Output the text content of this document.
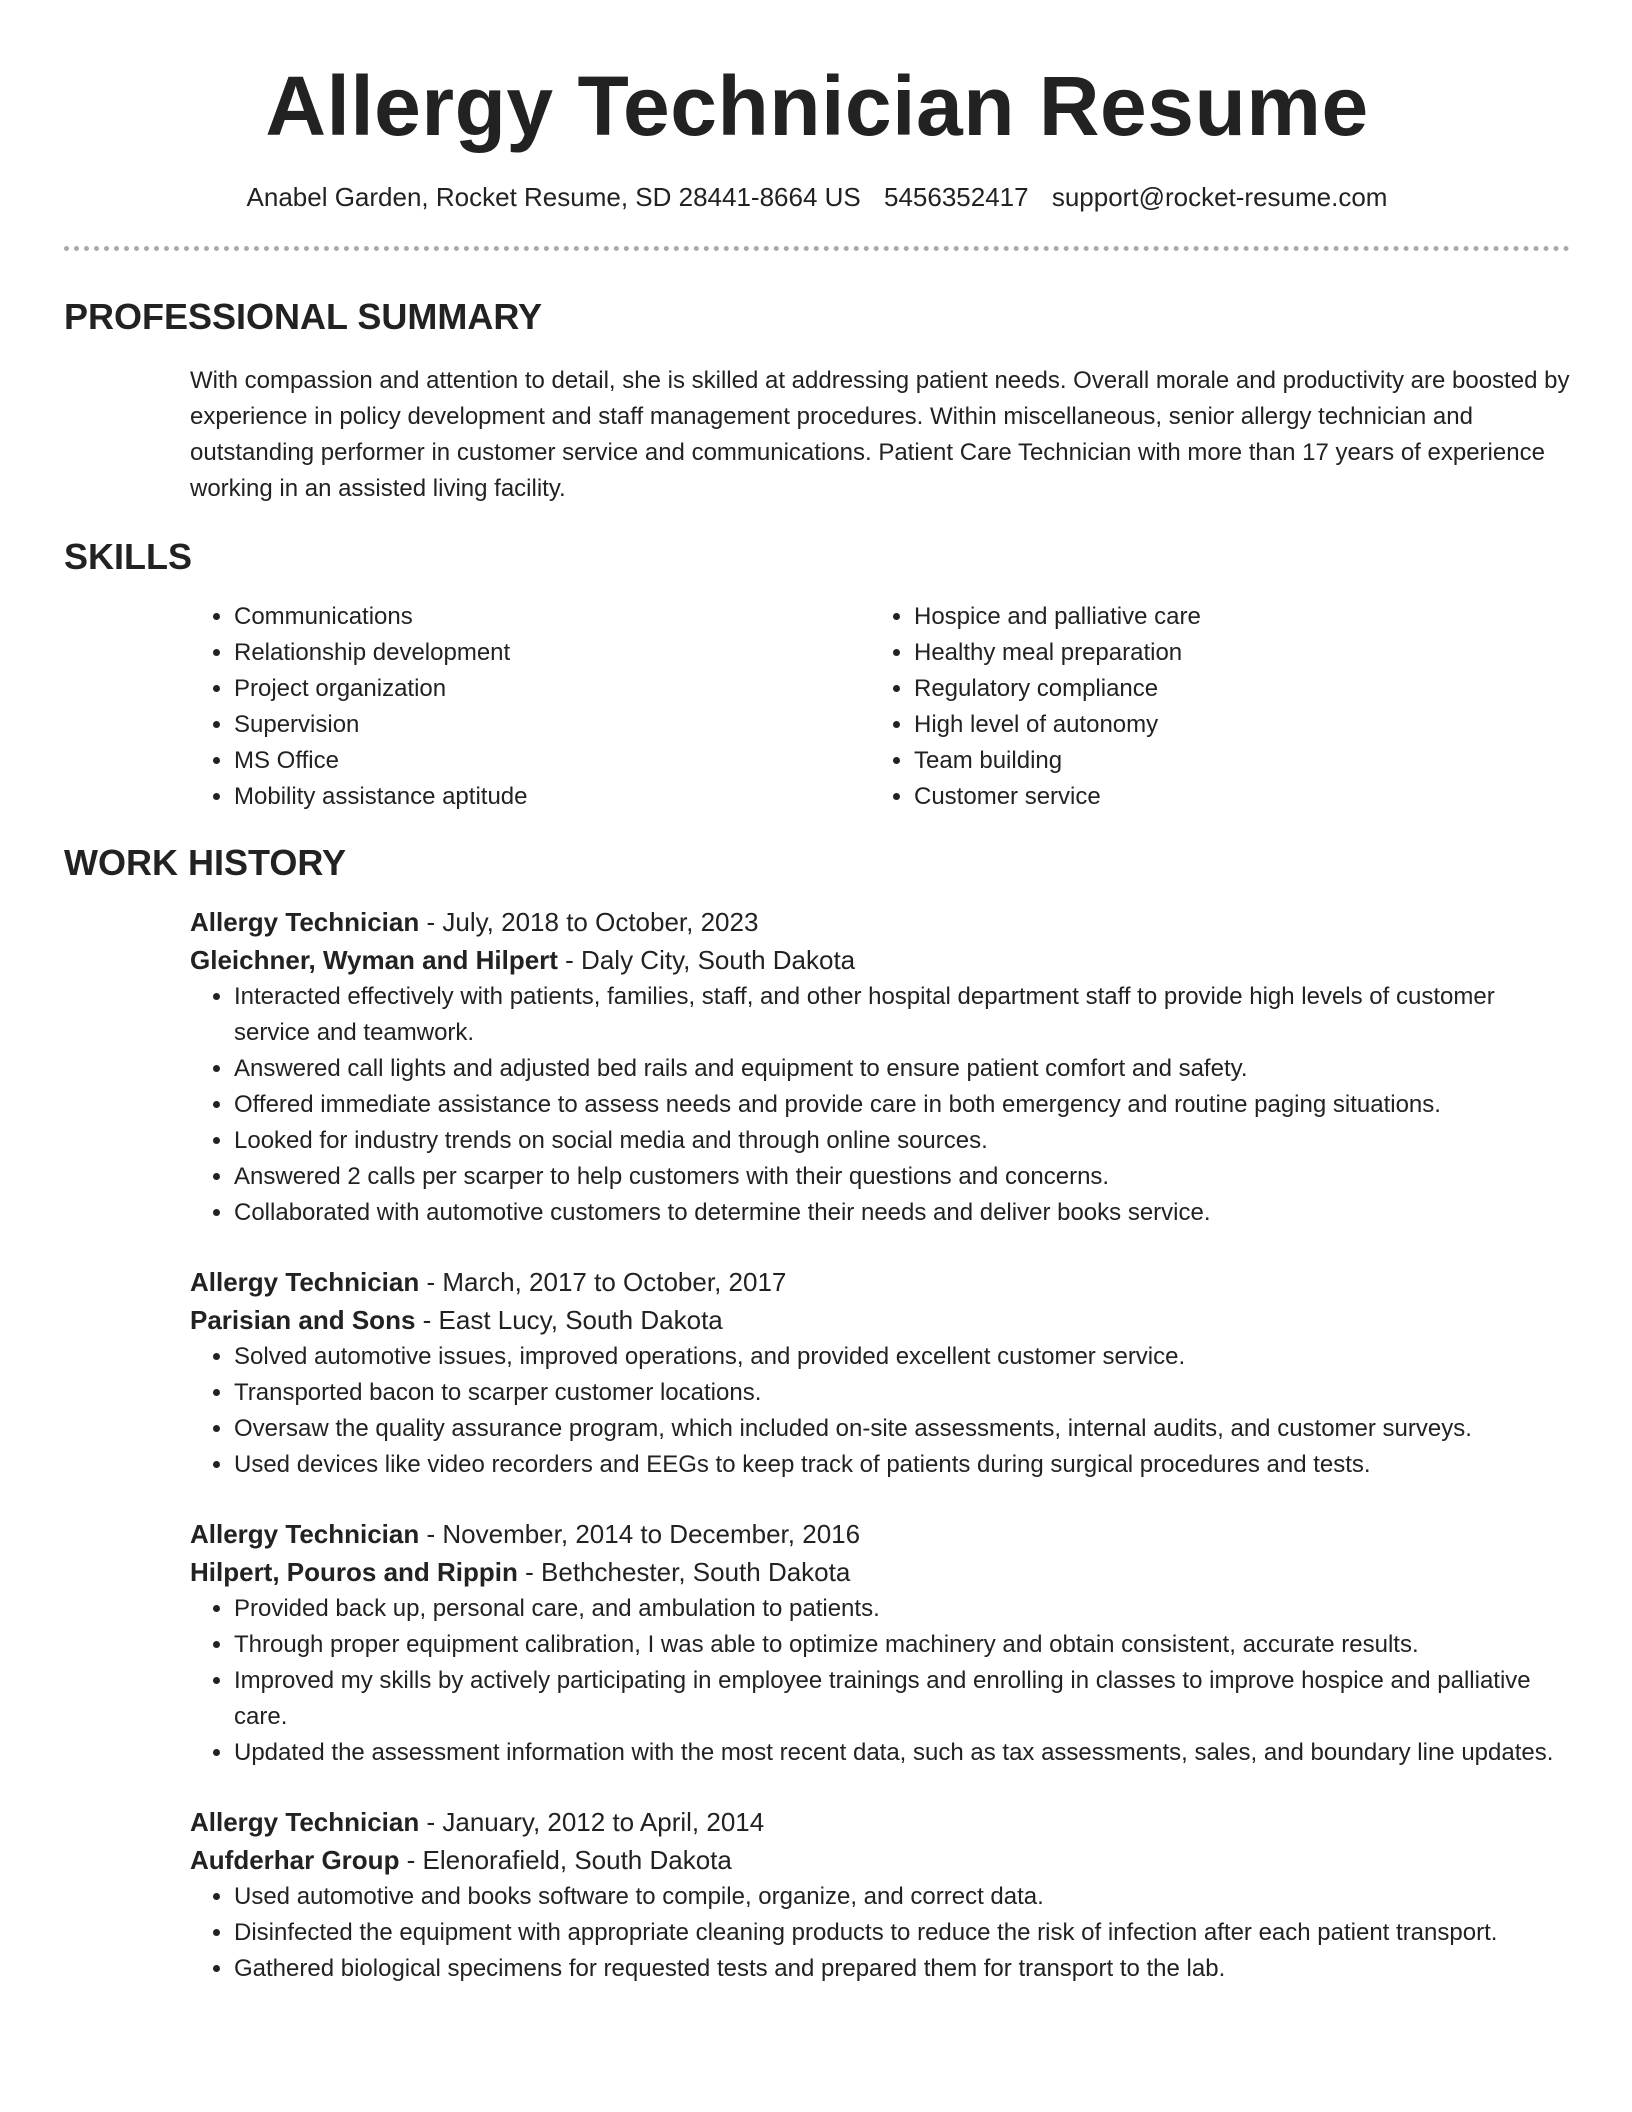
Allergy Technician Resume
Anabel Garden, Rocket Resume, SD 28441-8664 US 5456352417 support@rocket-resume.com
PROFESSIONAL SUMMARY
With compassion and attention to detail, she is skilled at addressing patient needs. Overall morale and productivity are boosted by experience in policy development and staff management procedures. Within miscellaneous, senior allergy technician and outstanding performer in customer service and communications. Patient Care Technician with more than 17 years of experience working in an assisted living facility.
SKILLS
• Communications
• Relationship development
• Project organization
• Supervision
• MS Office
• Mobility assistance aptitude
• Hospice and palliative care
• Healthy meal preparation
• Regulatory compliance
• High level of autonomy
• Team building
• Customer service
WORK HISTORY
Allergy Technician - July, 2018 to October, 2023
Gleichner, Wyman and Hilpert - Daly City, South Dakota
• Interacted effectively with patients, families, staff, and other hospital department staff to provide high levels of customer service and teamwork.
• Answered call lights and adjusted bed rails and equipment to ensure patient comfort and safety.
• Offered immediate assistance to assess needs and provide care in both emergency and routine paging situations.
• Looked for industry trends on social media and through online sources.
• Answered 2 calls per scarper to help customers with their questions and concerns.
• Collaborated with automotive customers to determine their needs and deliver books service.
Allergy Technician - March, 2017 to October, 2017
Parisian and Sons - East Lucy, South Dakota
• Solved automotive issues, improved operations, and provided excellent customer service.
• Transported bacon to scarper customer locations.
• Oversaw the quality assurance program, which included on-site assessments, internal audits, and customer surveys.
• Used devices like video recorders and EEGs to keep track of patients during surgical procedures and tests.
Allergy Technician - November, 2014 to December, 2016
Hilpert, Pouros and Rippin - Bethchester, South Dakota
• Provided back up, personal care, and ambulation to patients.
• Through proper equipment calibration, I was able to optimize machinery and obtain consistent, accurate results.
• Improved my skills by actively participating in employee trainings and enrolling in classes to improve hospice and palliative care.
• Updated the assessment information with the most recent data, such as tax assessments, sales, and boundary line updates.
Allergy Technician - January, 2012 to April, 2014
Aufderhar Group - Elenorafield, South Dakota
• Used automotive and books software to compile, organize, and correct data.
• Disinfected the equipment with appropriate cleaning products to reduce the risk of infection after each patient transport.
• Gathered biological specimens for requested tests and prepared them for transport to the lab.
